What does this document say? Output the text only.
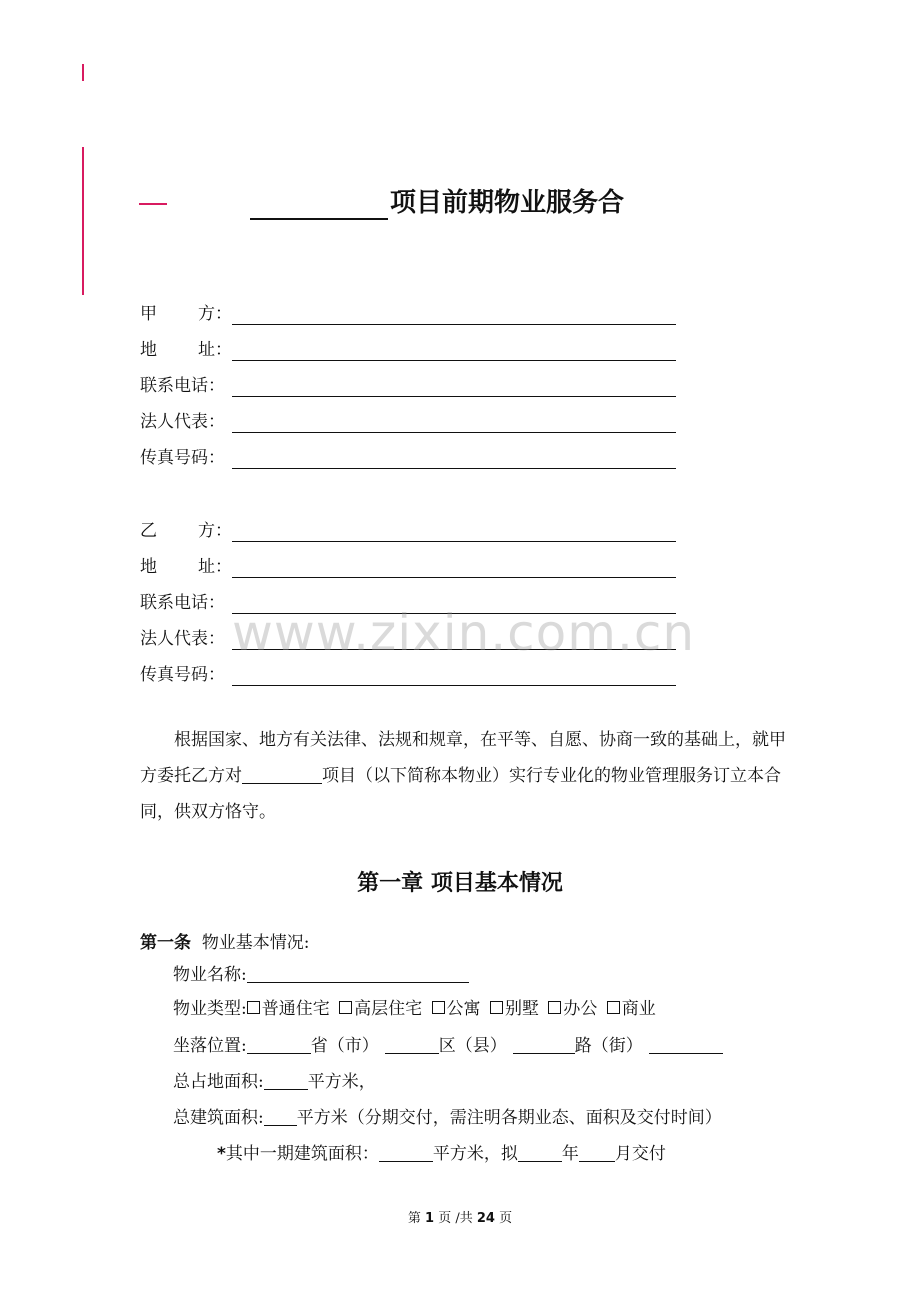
项目前期物业服务合
甲 方：
地 址：
联系电话：
法人代表：
传真号码：
乙 方：
地 址：
联系电话：
法人代表：
传真号码：
www.zixin.com.cn
根据国家、地方有关法律、法规和规章，在平等、自愿、协商一致的基础上，就甲方委托乙方对	项目（以下简称本物业）实行专业化的物业管理服务订立本合同，供双方恪守。
第一章 项目基本情况
第一条 物业基本情况:
物业名称:
物业类型: 普通住宅 高层住宅 公寓 别墅 办公 商业
坐落位置:	省（市）	区（县）	路（街）
总占地面积:	平方米，
总建筑面积: 平方米（分期交付，需注明各期业态、面积及交付时间）
*其中一期建筑面积：	平方米，拟	年 月交付
第 1 页 /共 24 页
